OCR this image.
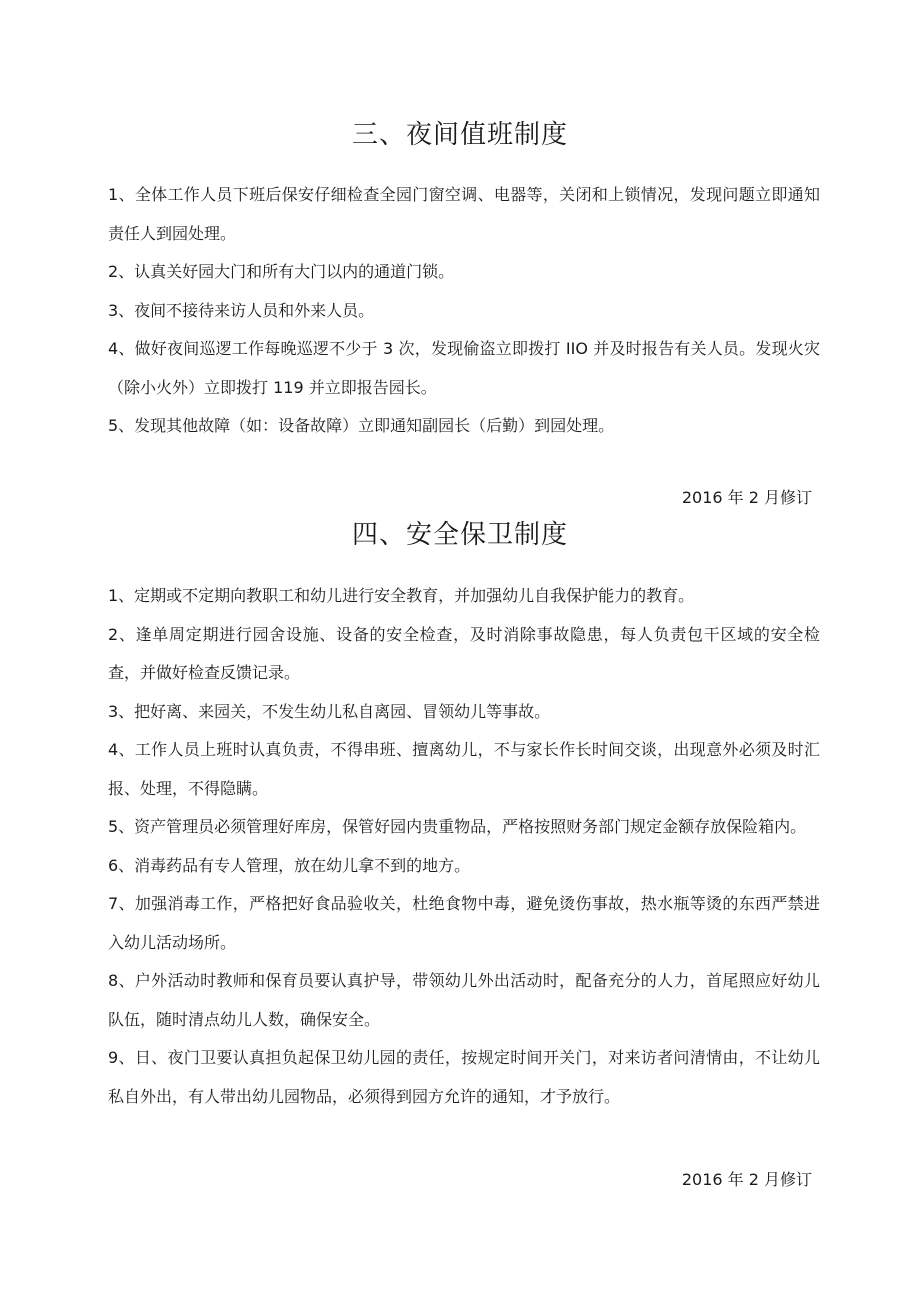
三、夜间值班制度
1、全体工作人员下班后保安仔细检查全园门窗空调、电器等，关闭和上锁情况，发现问题立即通知责任人到园处理。
2、认真关好园大门和所有大门以内的通道门锁。
3、夜间不接待来访人员和外来人员。
4、做好夜间巡逻工作每晚巡逻不少于 3 次，发现偷盗立即拨打 IIO 并及时报告有关人员。发现火灾（除小火外）立即拨打 119 并立即报告园长。
5、发现其他故障（如：设备故障）立即通知副园长（后勤）到园处理。
2016 年 2 月修订
四、安全保卫制度
1、定期或不定期向教职工和幼儿进行安全教育，并加强幼儿自我保护能力的教育。
2、逢单周定期进行园舍设施、设备的安全检查，及时消除事故隐患，每人负责包干区域的安全检查，并做好检查反馈记录。
3、把好离、来园关，不发生幼儿私自离园、冒领幼儿等事故。
4、工作人员上班时认真负责，不得串班、擅离幼儿，不与家长作长时间交谈，出现意外必须及时汇报、处理，不得隐瞒。
5、资产管理员必须管理好库房，保管好园内贵重物品，严格按照财务部门规定金额存放保险箱内。
6、消毒药品有专人管理，放在幼儿拿不到的地方。
7、加强消毒工作，严格把好食品验收关，杜绝食物中毒，避免烫伤事故，热水瓶等烫的东西严禁进入幼儿活动场所。
8、户外活动时教师和保育员要认真护导，带领幼儿外出活动时，配备充分的人力，首尾照应好幼儿队伍，随时清点幼儿人数，确保安全。
9、日、夜门卫要认真担负起保卫幼儿园的责任，按规定时间开关门，对来访者问清情由，不让幼儿私自外出，有人带出幼儿园物品，必须得到园方允许的通知，才予放行。
2016 年 2 月修订
